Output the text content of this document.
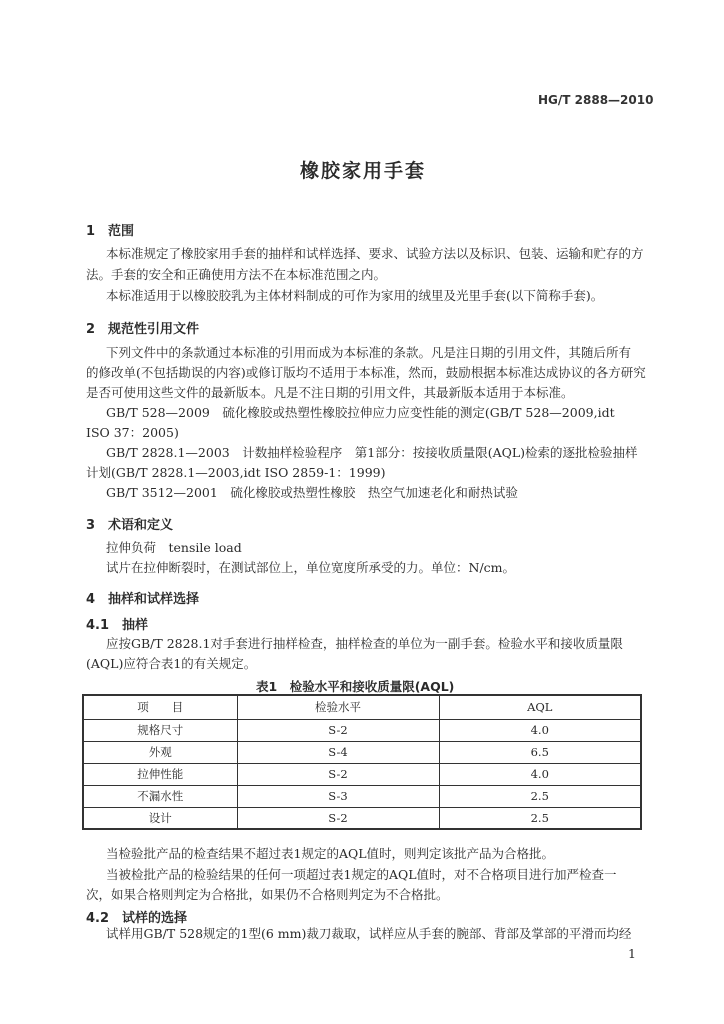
HG/T 2888—2010
橡胶家用手套
1　范围
本标准规定了橡胶家用手套的抽样和试样选择、要求、试验方法以及标识、包装、运输和贮存的方
法。手套的安全和正确使用方法不在本标准范围之内。
本标准适用于以橡胶胶乳为主体材料制成的可作为家用的绒里及光里手套(以下简称手套)。
2　规范性引用文件
下列文件中的条款通过本标准的引用而成为本标准的条款。凡是注日期的引用文件，其随后所有
的修改单(不包括勘误的内容)或修订版均不适用于本标准，然而，鼓励根据本标准达成协议的各方研究
是否可使用这些文件的最新版本。凡是不注日期的引用文件，其最新版本适用于本标准。
GB/T 528—2009　硫化橡胶或热塑性橡胶拉伸应力应变性能的测定(GB/T 528—2009,idt
ISO 37：2005)
GB/T 2828.1—2003　计数抽样检验程序　第1部分：按接收质量限(AQL)检索的逐批检验抽样
计划(GB/T 2828.1—2003,idt ISO 2859-1：1999)
GB/T 3512—2001　硫化橡胶或热塑性橡胶　热空气加速老化和耐热试验
3　术语和定义
拉伸负荷　tensile load
试片在拉伸断裂时，在测试部位上，单位宽度所承受的力。单位：N/cm。
4　抽样和试样选择
4.1　抽样
应按GB/T 2828.1对手套进行抽样检查，抽样检查的单位为一副手套。检验水平和接收质量限
(AQL)应符合表1的有关规定。
表1　检验水平和接收质量限(AQL)
项　　目	检验水平	AQL
规格尺寸	S-2	4.0
外观	S-4	6.5
拉伸性能	S-2	4.0
不漏水性	S-3	2.5
设计	S-2	2.5
当检验批产品的检查结果不超过表1规定的AQL值时，则判定该批产品为合格批。
当被检批产品的检验结果的任何一项超过表1规定的AQL值时，对不合格项目进行加严检查一
次，如果合格则判定为合格批，如果仍不合格则判定为不合格批。
4.2　试样的选择
试样用GB/T 528规定的1型(6 mm)裁刀裁取，试样应从手套的腕部、背部及掌部的平滑而均经
1
